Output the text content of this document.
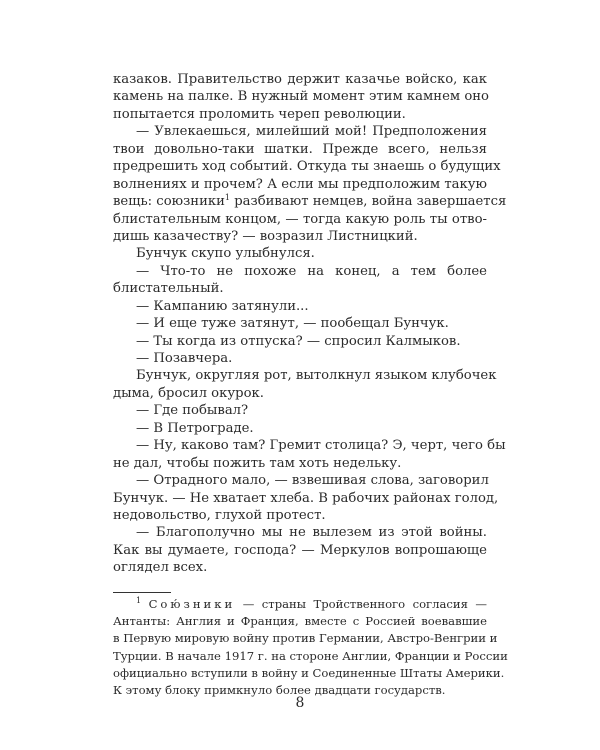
казаков. Правительство держит казачье войско, как
камень на палке. В нужный момент этим камнем оно
попытается проломить череп революции.
— Увлекаешься, милейший мой! Предположения
твои довольно-таки шатки. Прежде всего, нельзя
предрешить ход событий. Откуда ты знаешь о будущих
волнениях и прочем? А если мы предположим такую
вещь: союзники$^1$ разбивают немцев, война завершается
блистательным концом, — тогда какую роль ты отво-
дишь казачеству? — возразил Листницкий.
Бунчук скупо улыбнулся.
— Что-то не похоже на конец, а тем более
блистательный.
— Кампанию затянули...
— И еще туже затянут, — пообещал Бунчук.
— Ты когда из отпуска? — спросил Калмыков.
— Позавчера.
Бунчук, округляя рот, вытолкнул языком клубочек
дыма, бросил окурок.
— Где побывал?
— В Петрограде.
— Ну, каково там? Гремит столица? Э, черт, чего бы
не дал, чтобы пожить там хоть недельку.
— Отрадного мало, — взвешивая слова, заговорил
Бунчук. — Не хватает хлеба. В рабочих районах голод,
недовольство, глухой протест.
— Благополучно мы не вылезем из этой войны.
Как вы думаете, господа? — Меркулов вопрошающе
оглядел всех.
$^1$ Сою́зники — страны Тройственного согласия —
Антанты: Англия и Франция, вместе с Россией воевавшие
в Первую мировую войну против Германии, Австро-Венгрии и
Турции. В начале 1917 г. на стороне Англии, Франции и России
официально вступили в войну и Соединенные Штаты Америки.
К этому блоку примкнуло более двадцати государств.
8
